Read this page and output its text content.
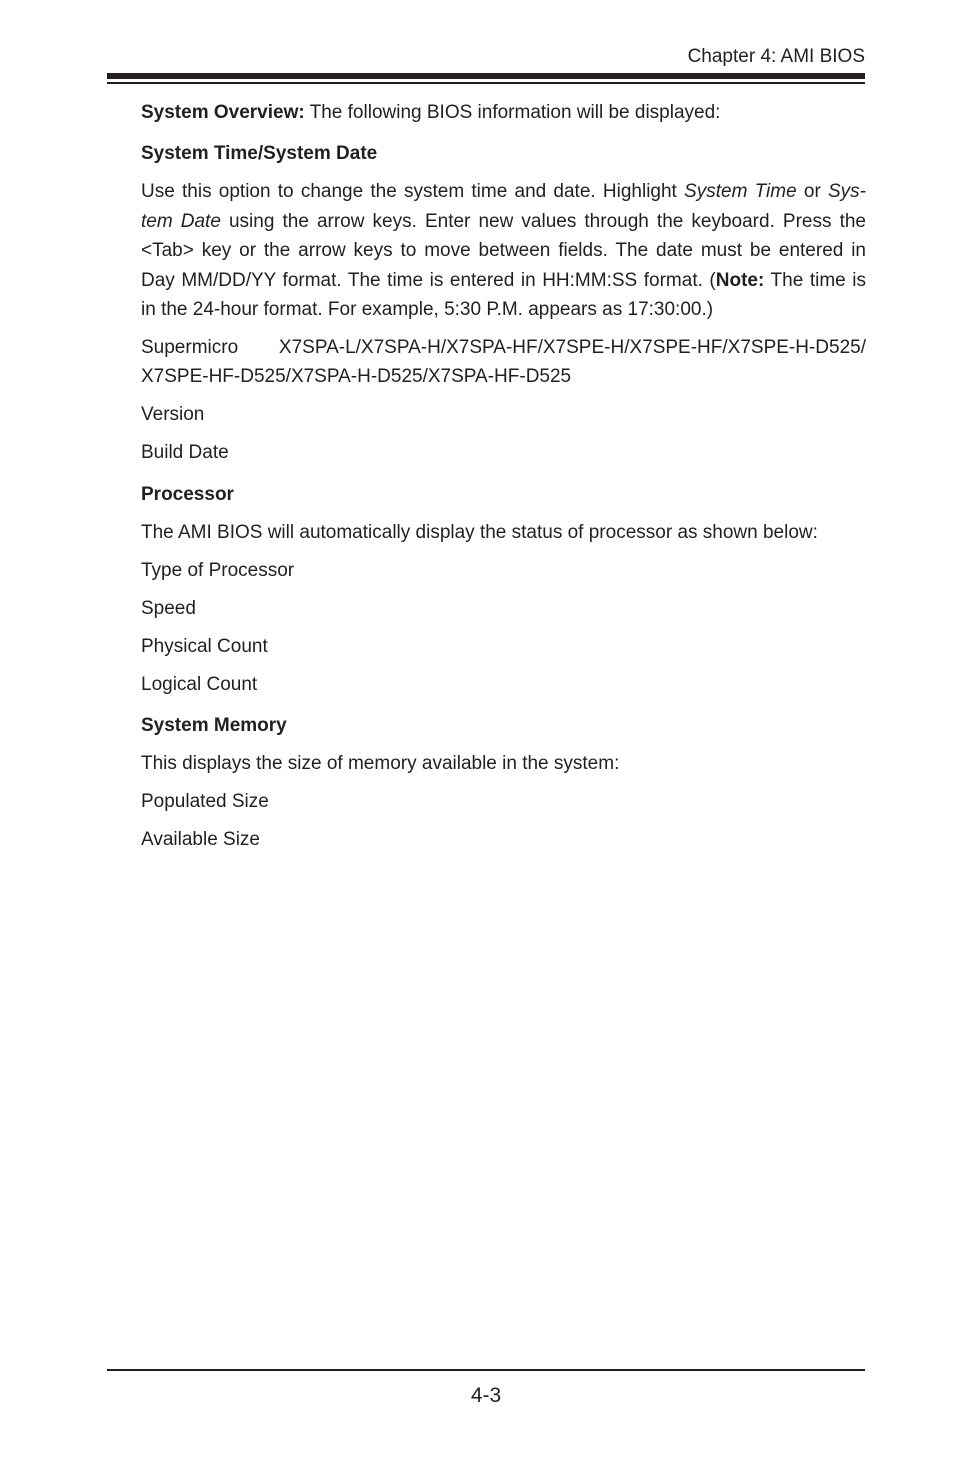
Chapter 4: AMI BIOS

System Overview: The following BIOS information will be displayed:

System Time/System Date

Use this option to change the system time and date. Highlight System Time or Sys-tem Date using the arrow keys. Enter new values through the keyboard. Press the <Tab> key or the arrow keys to move between fields. The date must be entered in Day MM/DD/YY format. The time is entered in HH:MM:SS format. (Note: The time is in the 24-hour format. For example, 5:30 P.M. appears as 17:30:00.)

Supermicro X7SPA-L/X7SPA-H/X7SPA-HF/X7SPE-H/X7SPE-HF/X7SPE-H-D525/
X7SPE-HF-D525/X7SPA-H-D525/X7SPA-HF-D525

Version

Build Date

Processor

The AMI BIOS will automatically display the status of processor as shown below:

Type of Processor

Speed

Physical Count

Logical Count

System Memory

This displays the size of memory available in the system:

Populated Size

Available Size

4-3
